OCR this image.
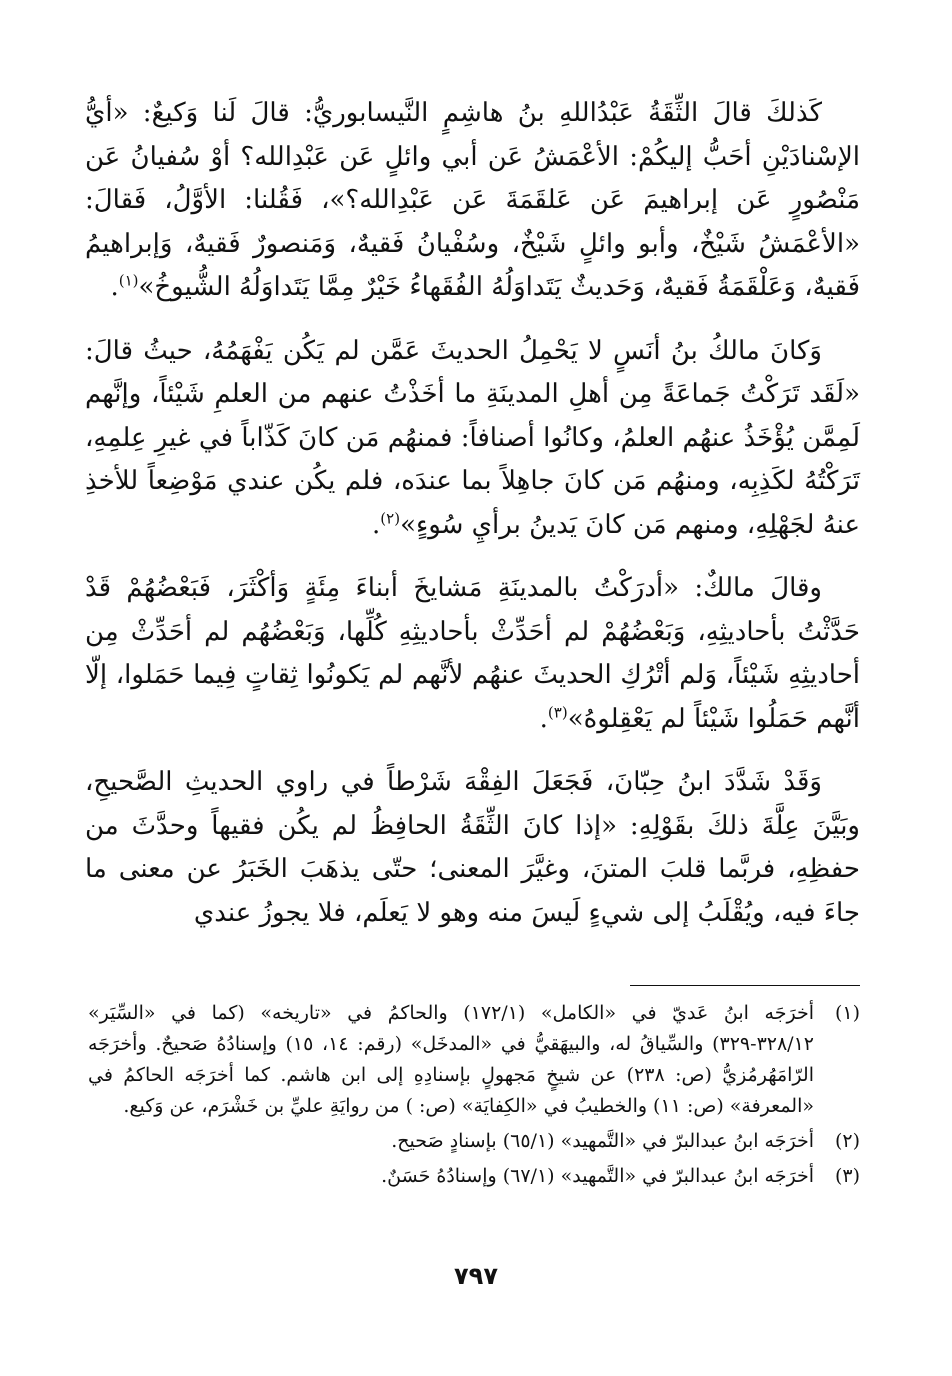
كَذلكَ قالَ الثِّقَةُ عَبْدُاللهِ بنُ هاشِمٍ النَّيسابوريُّ: قالَ لَنا وَكيعٌ: «أيُّ الإسْنادَيْنِ أحَبُّ إليكُمْ: الأعْمَشُ عَن أبي وائلٍ عَن عَبْدِالله؟ أوْ سُفيانُ عَن مَنْصُورٍ عَن إبراهيمَ عَن عَلقَمَةَ عَن عَبْدِالله؟»، فَقُلنا: الأوَّلُ، فَقالَ: «الأعْمَشُ شَيْخٌ، وأبو وائلٍ شَيْخٌ، وسُفْيانُ فَقيهٌ، وَمَنصورٌ فَقيهٌ، وَإبراهيمُ فَقيهٌ، وَعَلْقَمَةُ فَقيهٌ، وَحَديثٌ يَتَداوَلُهُ الفُقَهاءُ خَيْرٌ مِمَّا يَتَداوَلُهُ الشُّيوخُ»$^{(١)}$.

وَكانَ مالكُ بنُ أنَسٍ لا يَحْمِلُ الحديثَ عَمَّن لم يَكُن يَفْهَمُهُ، حيثُ قالَ: «لَقَد تَرَكْتُ جَماعَةً مِن أهلِ المدينَةِ ما أخَذْتُ عنهم من العلمِ شَيْئاً، وإنَّهم لَمِمَّن يُؤْخَذُ عنهُم العلمُ، وكانُوا أصنافاً: فمنهُم مَن كانَ كَذّاباً في غيرِ عِلمِهِ، تَرَكْتُهُ لكَذِبِه، ومنهُم مَن كانَ جاهِلاً بما عندَه، فلم يكُن عندي مَوْضِعاً للأخذِ عنهُ لجَهْلِهِ، ومنهم مَن كانَ يَدينُ برأيِ سُوءٍ»$^{(٢)}$.

وقالَ مالكٌ: «أدرَكْتُ بالمدينَةِ مَشايخَ أبناءَ مِئَةٍ وَأكْثَرَ، فَبَعْضُهُمْ قَدْ حَدَّثْتُ بأحاديثِهِ، وَبَعْضُهُمْ لم أحَدِّثْ بأحاديثِهِ كُلِّها، وَبَعْضُهُم لم أحَدِّثْ مِن أحاديثِهِ شَيْئاً، وَلم أتْرُكِ الحديثَ عنهُم لأنَّهم لم يَكونُوا ثِقاتٍ فِيما حَمَلوا، إلّا أنَّهم حَمَلُوا شَيْئاً لم يَعْقِلوهُ»$^{(٣)}$.

وَقَدْ شَدَّدَ ابنُ حِبّانَ، فَجَعَلَ الفِقْهَ شَرْطاً في راوي الحديثِ الصَّحيحِ، وبَيَّنَ عِلَّةَ ذلكَ بقَوْلِهِ: «إذا كانَ الثِّقَةُ الحافِظُ لم يكُن فقيهاً وحدَّثَ من حفظِهِ، فربَّما قلبَ المتنَ، وغيَّرَ المعنى؛ حتّى يذهَبَ الخَبَرُ عن معنى ما جاءَ فيه، ويُقْلَبُ إلى شيءٍ لَيسَ منه وهو لا يَعلَم، فلا يجوزُ عندي

(١)
أخرَجَه ابنُ عَديّ في «الكامل» (١٧٢/١) والحاكمُ في «تاريخه» (كما في «السِّيَر» ٣٢٨/١٢-٣٢٩) والسِّياقُ له، والبيهَقيُّ في «المدخَل» (رقم: ١٤، ١٥) وإسنادُهُ صَحيحٌ. وأخرَجَه الرّامَهُرمُزيُّ (ص: ٢٣٨) عن شيخٍ مَجهولٍ بإسنادِهِ إلى ابن هاشم. كما أخرَجَه الحاكمُ في «المعرفة» (ص: ١١) والخطيبُ في «الكِفايَة» (ص: ) من روايَةِ عليِّ بن خَشْرَم، عن وَكيع.
(٢)
أخرَجَه ابنُ عبدالبرّ في «التَّمهيد» (٦٥/١) بإسنادٍ صَحيح.
(٣)
أخرَجَه ابنُ عبدالبرّ في «التَّمهيد» (٦٧/١) وإسنادُهُ حَسَنٌ.
٧٩٧
